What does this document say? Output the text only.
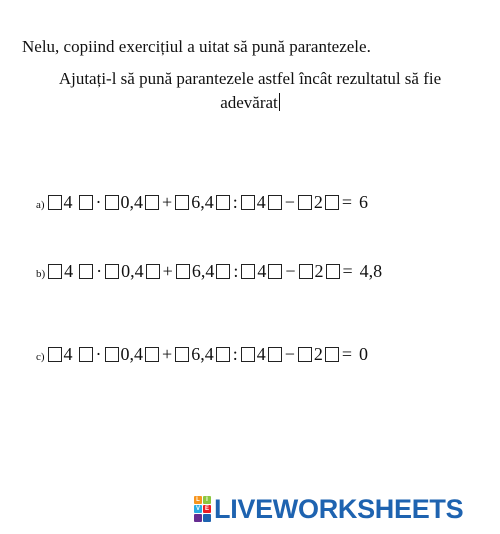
Nelu, copiind exercițiul a uitat să pună parantezele.
Ajutați-l să pună parantezele astfel încât rezultatul să fie
adevărat
a) 4 · 0,4 + 6,4 : 4 − 2 = 6
b) 4 · 0,4 + 6,4 : 4 − 2 = 4,8
c) 4 · 0,4 + 6,4 : 4 − 2 = 0
L	I
V E LIVEWORKSHEETS
